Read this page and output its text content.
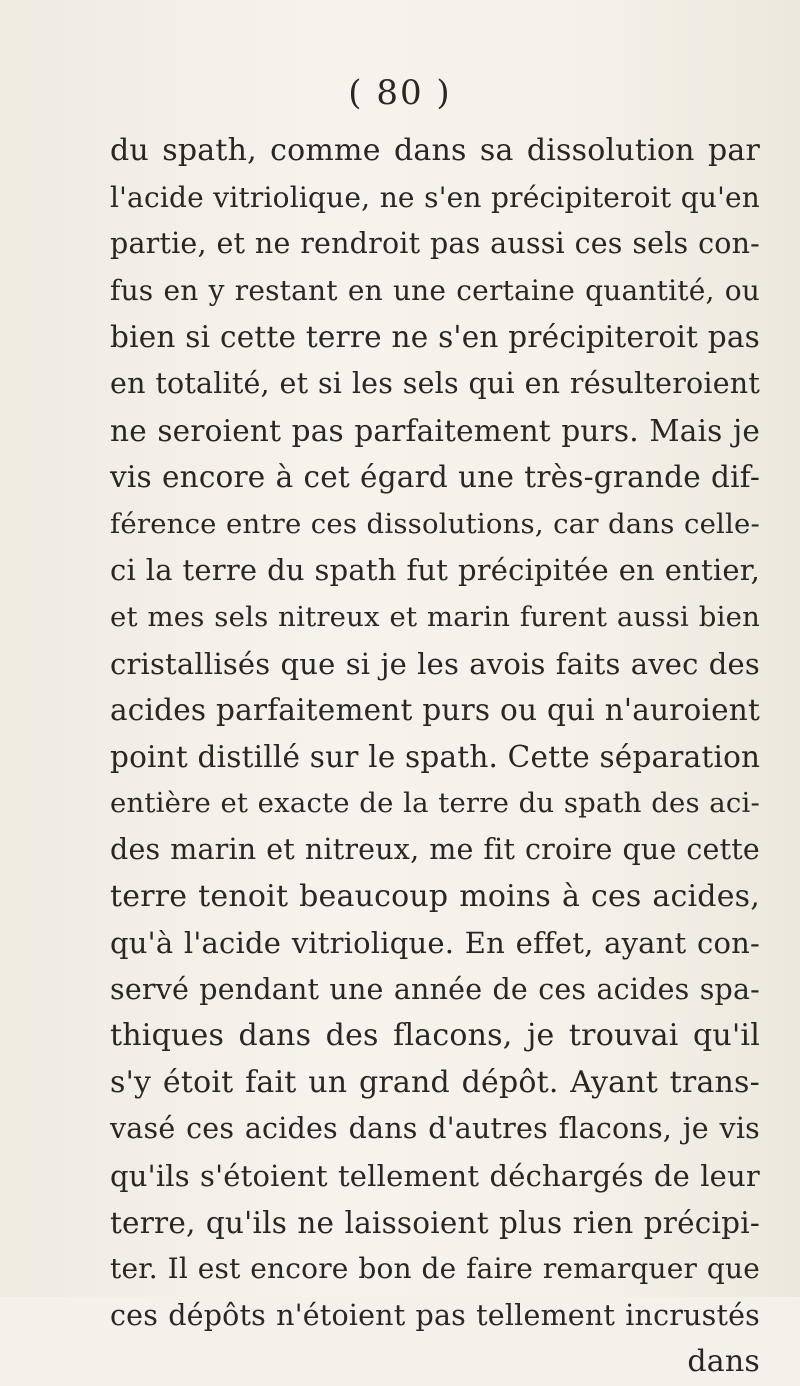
( 80 )
du spath, comme dans sa dissolution par
l'acide vitriolique, ne s'en précipiteroit qu'en
partie, et ne rendroit pas aussi ces sels con-
fus en y restant en une certaine quantité, ou
bien si cette terre ne s'en précipiteroit pas
en totalité, et si les sels qui en résulteroient
ne seroient pas parfaitement purs. Mais je
vis encore à cet égard une très-grande dif-
férence entre ces dissolutions, car dans celle-
ci la terre du spath fut précipitée en entier,
et mes sels nitreux et marin furent aussi bien
cristallisés que si je les avois faits avec des
acides parfaitement purs ou qui n'auroient
point distillé sur le spath. Cette séparation
entière et exacte de la terre du spath des aci-
des marin et nitreux, me fit croire que cette
terre tenoit beaucoup moins à ces acides,
qu'à l'acide vitriolique. En effet, ayant con-
servé pendant une année de ces acides spa-
thiques dans des flacons, je trouvai qu'il
s'y étoit fait un grand dépôt. Ayant trans-
vasé ces acides dans d'autres flacons, je vis
qu'ils s'étoient tellement déchargés de leur
terre, qu'ils ne laissoient plus rien précipi-
ter. Il est encore bon de faire remarquer que
ces dépôts n'étoient pas tellement incrustés
dans
